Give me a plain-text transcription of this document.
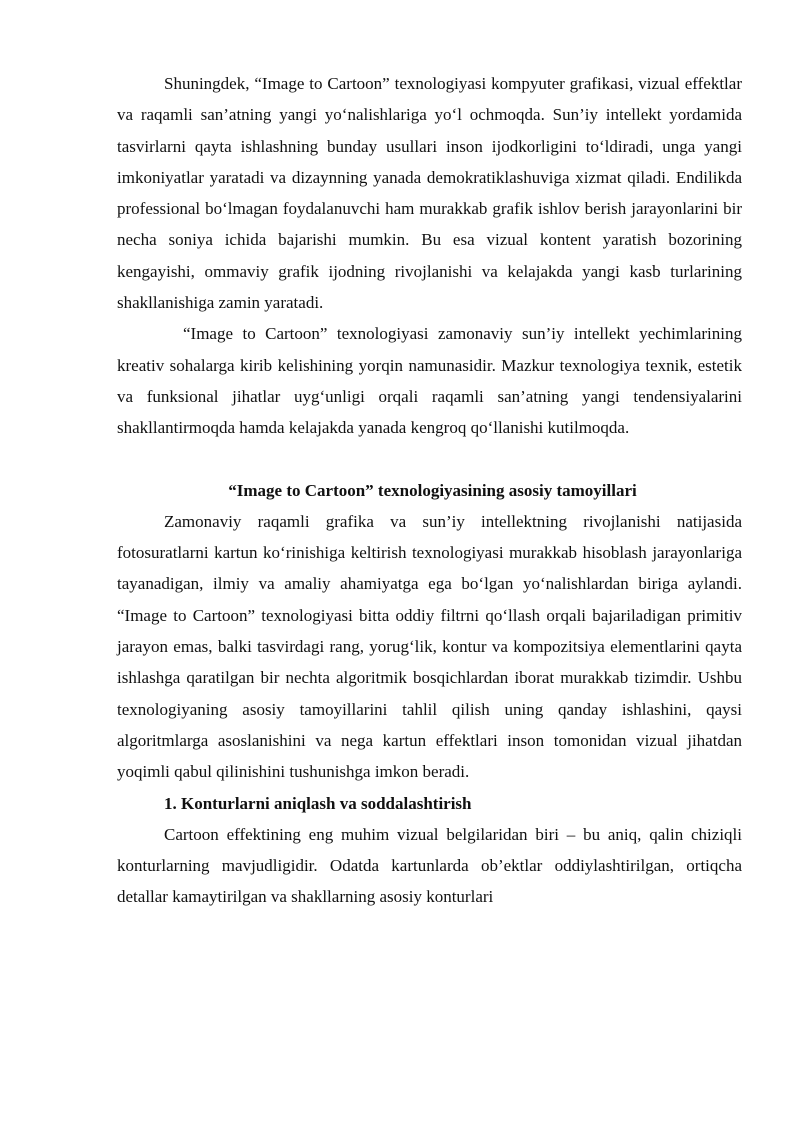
Shuningdek, “Image to Cartoon” texnologiyasi kompyuter grafikasi, vizual effektlar va raqamli san’atning yangi yo‘nalishlariga yo‘l ochmoqda. Sun’iy intellekt yordamida tasvirlarni qayta ishlashning bunday usullari inson ijodkorligini to‘ldiradi, unga yangi imkoniyatlar yaratadi va dizaynning yanada demokratiklashuviga xizmat qiladi. Endilikda professional bo‘lmagan foydalanuvchi ham murakkab grafik ishlov berish jarayonlarini bir necha soniya ichida bajarishi mumkin. Bu esa vizual kontent yaratish bozorining kengayishi, ommaviy grafik ijodning rivojlanishi va kelajakda yangi kasb turlarining shakllanishiga zamin yaratadi.

“Image to Cartoon” texnologiyasi zamonaviy sun’iy intellekt yechimlarining kreativ sohalarga kirib kelishining yorqin namunasidir. Mazkur texnologiya texnik, estetik va funksional jihatlar uyg‘unligi orqali raqamli san’atning yangi tendensiyalarini shakllantirmoqda hamda kelajakda yanada kengroq qo‘llanishi kutilmoqda.

“Image to Cartoon” texnologiyasining asosiy tamoyillari

Zamonaviy raqamli grafika va sun’iy intellektning rivojlanishi natijasida fotosuratlarni kartun ko‘rinishiga keltirish texnologiyasi murakkab hisoblash jarayonlariga tayanadigan, ilmiy va amaliy ahamiyatga ega bo‘lgan yo‘nalishlardan biriga aylandi. “Image to Cartoon” texnologiyasi bitta oddiy filtrni qo‘llash orqali bajariladigan primitiv jarayon emas, balki tasvirdagi rang, yorug‘lik, kontur va kompozitsiya elementlarini qayta ishlashga qaratilgan bir nechta algoritmik bosqichlardan iborat murakkab tizimdir. Ushbu texnologiyaning asosiy tamoyillarini tahlil qilish uning qanday ishlashini, qaysi algoritmlarga asoslanishini va nega kartun effektlari inson tomonidan vizual jihatdan yoqimli qabul qilinishini tushunishga imkon beradi.

1. Konturlarni aniqlash va soddalashtirish

Cartoon effektining eng muhim vizual belgilaridan biri – bu aniq, qalin chiziqli konturlarning mavjudligidir. Odatda kartunlarda ob’ektlar oddiylashtirilgan, ortiqcha detallar kamaytirilgan va shakllarning asosiy konturlari
